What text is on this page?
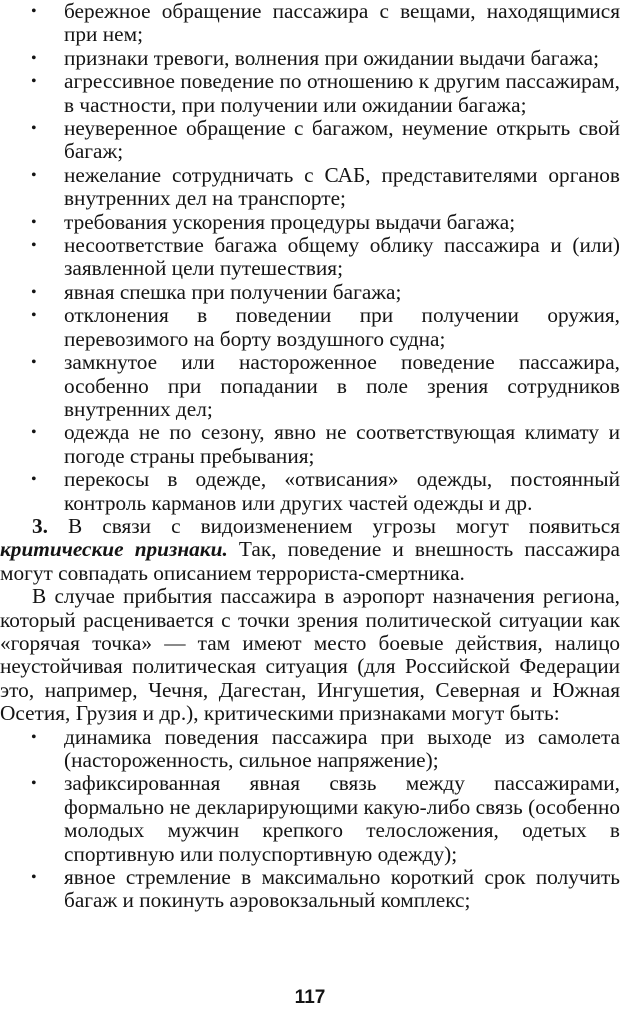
• бережное обращение пассажира с вещами, находящимися при нем;
• признаки тревоги, волнения при ожидании выдачи багажа;
• агрессивное поведение по отношению к другим пассажирам, в частности, при получении или ожидании багажа;
• неуверенное обращение с багажом, неумение открыть свой багаж;
• нежелание сотрудничать с САБ, представителями органов внутренних дел на транспорте;
• требования ускорения процедуры выдачи багажа;
• несоответствие багажа общему облику пассажира и (или) заявленной цели путешествия;
• явная спешка при получении багажа;
• отклонения в поведении при получении оружия, перевозимого на борту воздушного судна;
• замкнутое или настороженное поведение пассажира, особенно при попадании в поле зрения сотрудников внутренних дел;
• одежда не по сезону, явно не соответствующая климату и погоде страны пребывания;
• перекосы в одежде, «отвисания» одежды, постоянный контроль карманов или других частей одежды и др.

3. В связи с видоизменением угрозы могут появиться критические признаки. Так, поведение и внешность пассажира могут совпадать описанием террориста-смертника.

В случае прибытия пассажира в аэропорт назначения региона, который расценивается с точки зрения политической ситуации как «горячая точка» — там имеют место боевые действия, налицо неустойчивая политическая ситуация (для Российской Федерации это, например, Чечня, Дагестан, Ингушетия, Северная и Южная Осетия, Грузия и др.), критическими признаками могут быть:

• динамика поведения пассажира при выходе из самолета (настороженность, сильное напряжение);
• зафиксированная явная связь между пассажирами, формально не декларирующими какую-либо связь (особенно молодых мужчин крепкого телосложения, одетых в спортивную или полуспортивную одежду);
• явное стремление в максимально короткий срок получить багаж и покинуть аэровокзальный комплекс;
117
